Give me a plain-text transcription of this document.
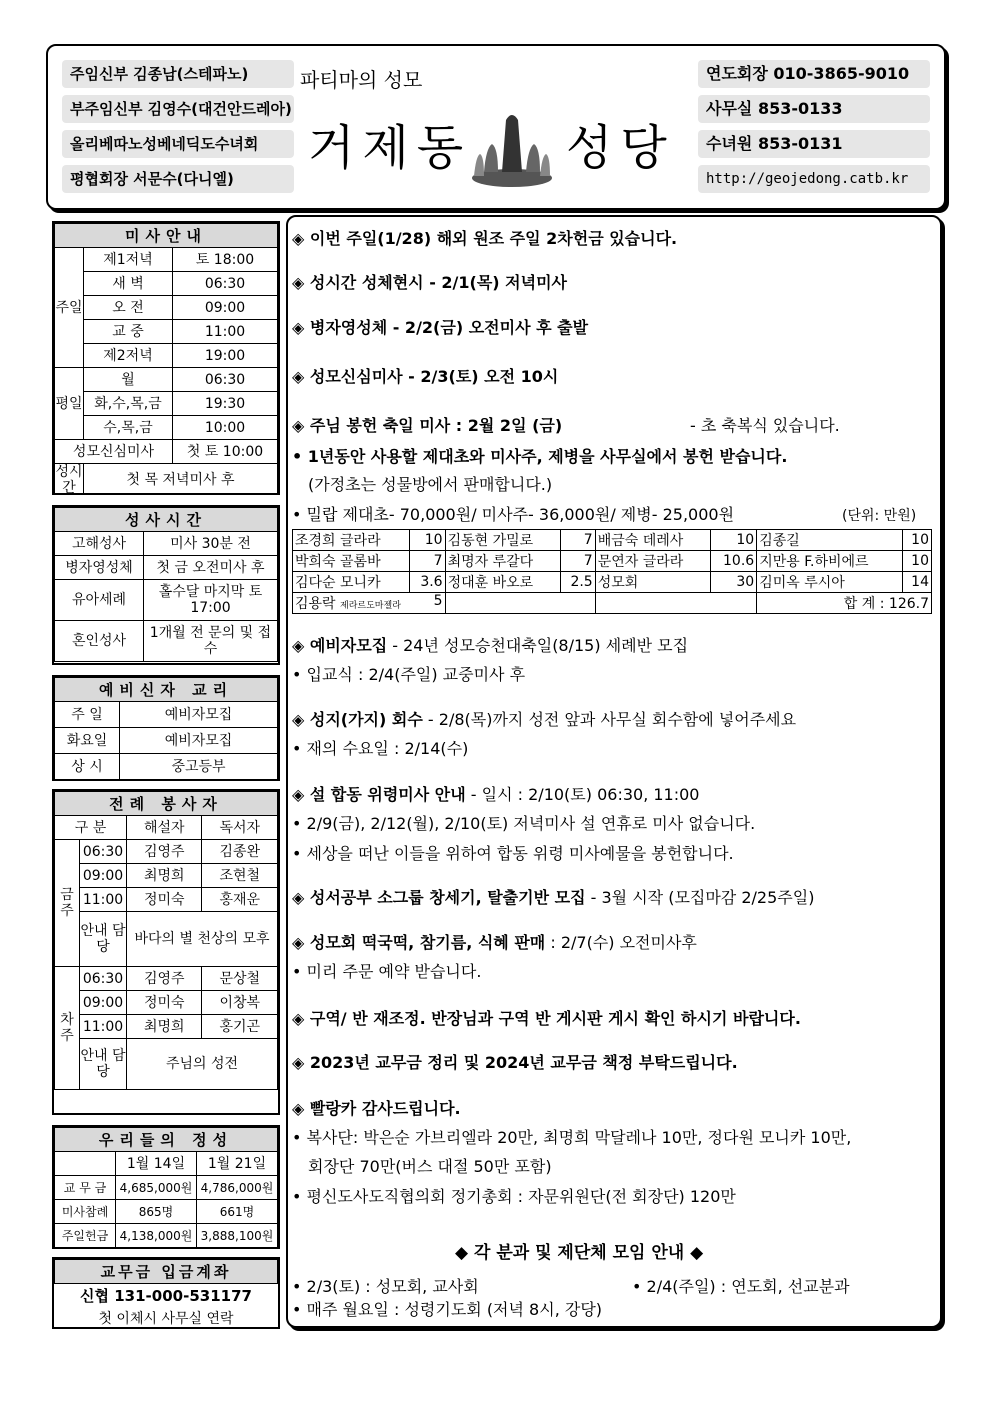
주임신부 김종남(스테파노)
부주임신부 김영수(대건안드레아)
올리베따노성베네딕도수녀회
평협회장 서문수(다니엘)
연도회장 010-3865-9010
사무실 853-0133
수녀원 853-0131
http://geojedong.catb.kr
파티마의 성모
거제동 성당
미사안내		
주일	제1저녁	토 18:00
	새 벽	06:30
	오 전	09:00
	교 중	11:00
	제2저녁	19:00
평일	월	06:30
	화,수,목,금	19:30
	수,목,금	10:00
성모신심미사		첫 토 10:00
성시간	첫 목 저녁미사 후	
성사시간	
고해성사	미사 30분 전
병자영성체	첫 금 오전미사 후
유아세례	홀수달 마지막 토 17:00
혼인성사	1개월 전 문의 및 접수
예비신자 교리	
주 일	예비자모집
화요일	예비자모집
상 시	중고등부
전례 봉사자			
구 분		해설자	독서자
금주	06:30	김영주	김종완
	09:00	최명희	조현철
	11:00	정미숙	홍재운
	안내 담당	바다의 별 천상의 모후	
차주	06:30	김영주	문상철
	09:00	정미숙	이창복
	11:00	최명희	홍기곤
	안내 담당	주님의 성전	
우리들의 정성		
	1월 14일	1월 21일
교 무 금	4,685,000원	4,786,000원
미사참례	865명	661명
주일헌금	4,138,000원	3,888,100원
교무금 입금계좌
신협 131-000-531177
첫 이체시 사무실 연락
◈ 이번 주일(1/28) 해외 원조 주일 2차헌금 있습니다.
◈ 성시간 성체현시 - 2/1(목) 저녁미사
◈ 병자영성체 - 2/2(금) 오전미사 후 출발
◈ 성모신심미사 - 2/3(토) 오전 10시
◈ 주님 봉헌 축일 미사 : 2월 2일 (금)	- 초 축복식 있습니다.
• 1년동안 사용할 제대초와 미사주, 제병을 사무실에서 봉헌 받습니다.
(가정초는 성물방에서 판매합니다.)
• 밀랍 제대초- 70,000원/ 미사주- 36,000원/ 제병- 25,000원	(단위: 만원)
조경희 글라라	10	김동현 가밀로	7	배금숙 데레사	10	김종길	10
박희숙 골롬바	7	최명자 루갈다	7	문연자 글라라	10.6	지만용 F.하비에르	10
김다순 모니카	3.6	정대훈 바오로	2.5	성모회	30	김미옥 루시아	14
김용락 제라르도마젤라 5						합 계 : 126.7	
◈ 예비자모집 - 24년 성모승천대축일(8/15) 세례반 모집
• 입교식 : 2/4(주일) 교중미사 후
◈ 성지(가지) 회수 - 2/8(목)까지 성전 앞과 사무실 회수함에 넣어주세요
• 재의 수요일 : 2/14(수)
◈ 설 합동 위령미사 안내 - 일시 : 2/10(토) 06:30, 11:00
• 2/9(금), 2/12(월), 2/10(토) 저녁미사 설 연휴로 미사 없습니다.
• 세상을 떠난 이들을 위하여 합동 위령 미사예물을 봉헌합니다.
◈ 성서공부 소그룹 창세기, 탈출기반 모집 - 3월 시작 (모집마감 2/25주일)
◈ 성모회 떡국떡, 참기름, 식혜 판매 : 2/7(수) 오전미사후
• 미리 주문 예약 받습니다.
◈ 구역/ 반 재조정. 반장님과 구역 반 게시판 게시 확인 하시기 바랍니다.
◈ 2023년 교무금 정리 및 2024년 교무금 책정 부탁드립니다.
◈ 빨랑카 감사드립니다.
• 복사단: 박은순 가브리엘라 20만, 최명희 막달레나 10만, 정다원 모니카 10만,
회장단 70만(버스 대절 50만 포함)
• 평신도사도직협의회 정기총회 : 자문위원단(전 회장단) 120만
◆ 각 분과 및 제단체 모임 안내 ◆
• 2/3(토) : 성모회, 교사회	• 2/4(주일) : 연도회, 선교분과
• 매주 월요일 : 성령기도회 (저녁 8시, 강당)
